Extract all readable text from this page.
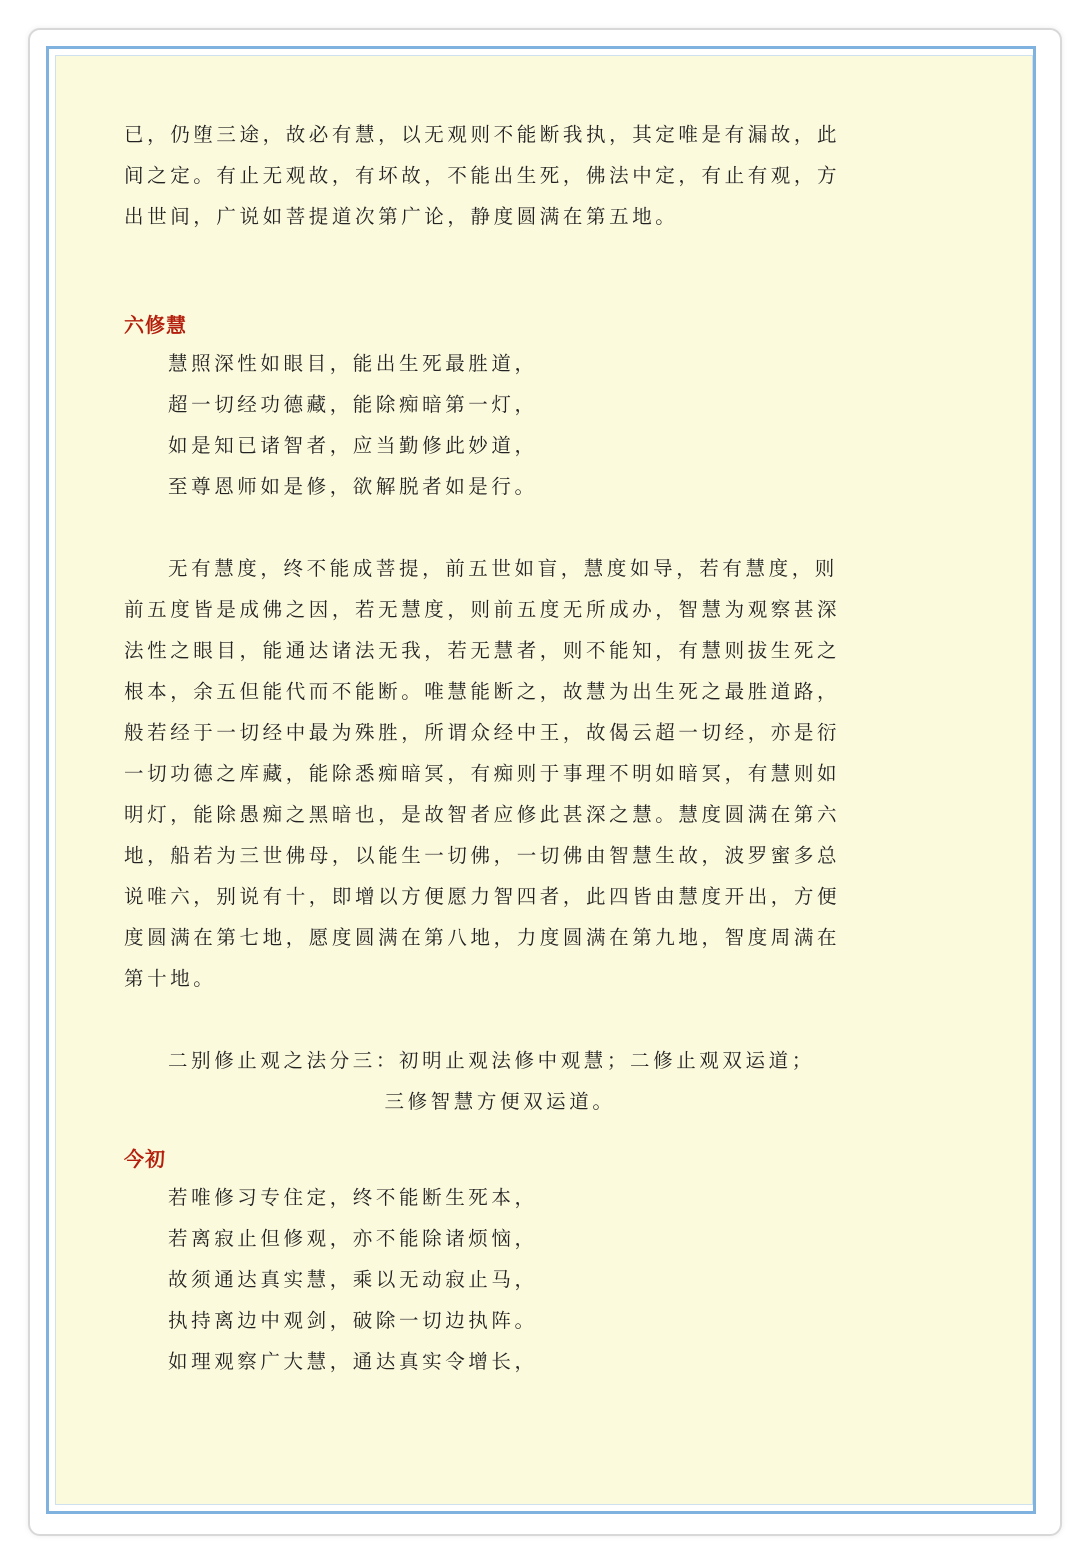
已，仍堕三途，故必有慧，以无观则不能断我执，其定唯是有漏故，此
间之定。有止无观故，有坏故，不能出生死，佛法中定，有止有观，方
出世间，广说如菩提道次第广论，静度圆满在第五地。
六修慧
慧照深性如眼目，能出生死最胜道，
超一切经功德藏，能除痴暗第一灯，
如是知已诸智者，应当勤修此妙道，
至尊恩师如是修，欲解脱者如是行。
无有慧度，终不能成菩提，前五世如盲，慧度如导，若有慧度，则
前五度皆是成佛之因，若无慧度，则前五度无所成办，智慧为观察甚深
法性之眼目，能通达诸法无我，若无慧者，则不能知，有慧则拔生死之
根本，余五但能代而不能断。唯慧能断之，故慧为出生死之最胜道路，
般若经于一切经中最为殊胜，所谓众经中王，故偈云超一切经，亦是衍
一切功德之库藏，能除悉痴暗冥，有痴则于事理不明如暗冥，有慧则如
明灯，能除愚痴之黑暗也，是故智者应修此甚深之慧。慧度圆满在第六
地，船若为三世佛母，以能生一切佛，一切佛由智慧生故，波罗蜜多总
说唯六，别说有十，即增以方便愿力智四者，此四皆由慧度开出，方便
度圆满在第七地，愿度圆满在第八地，力度圆满在第九地，智度周满在
第十地。
二别修止观之法分三：初明止观法修中观慧；二修止观双运道；
三修智慧方便双运道。
今初
若唯修习专住定，终不能断生死本，
若离寂止但修观，亦不能除诸烦恼，
故须通达真实慧，乘以无动寂止马，
执持离边中观剑，破除一切边执阵。
如理观察广大慧，通达真实令增长，
